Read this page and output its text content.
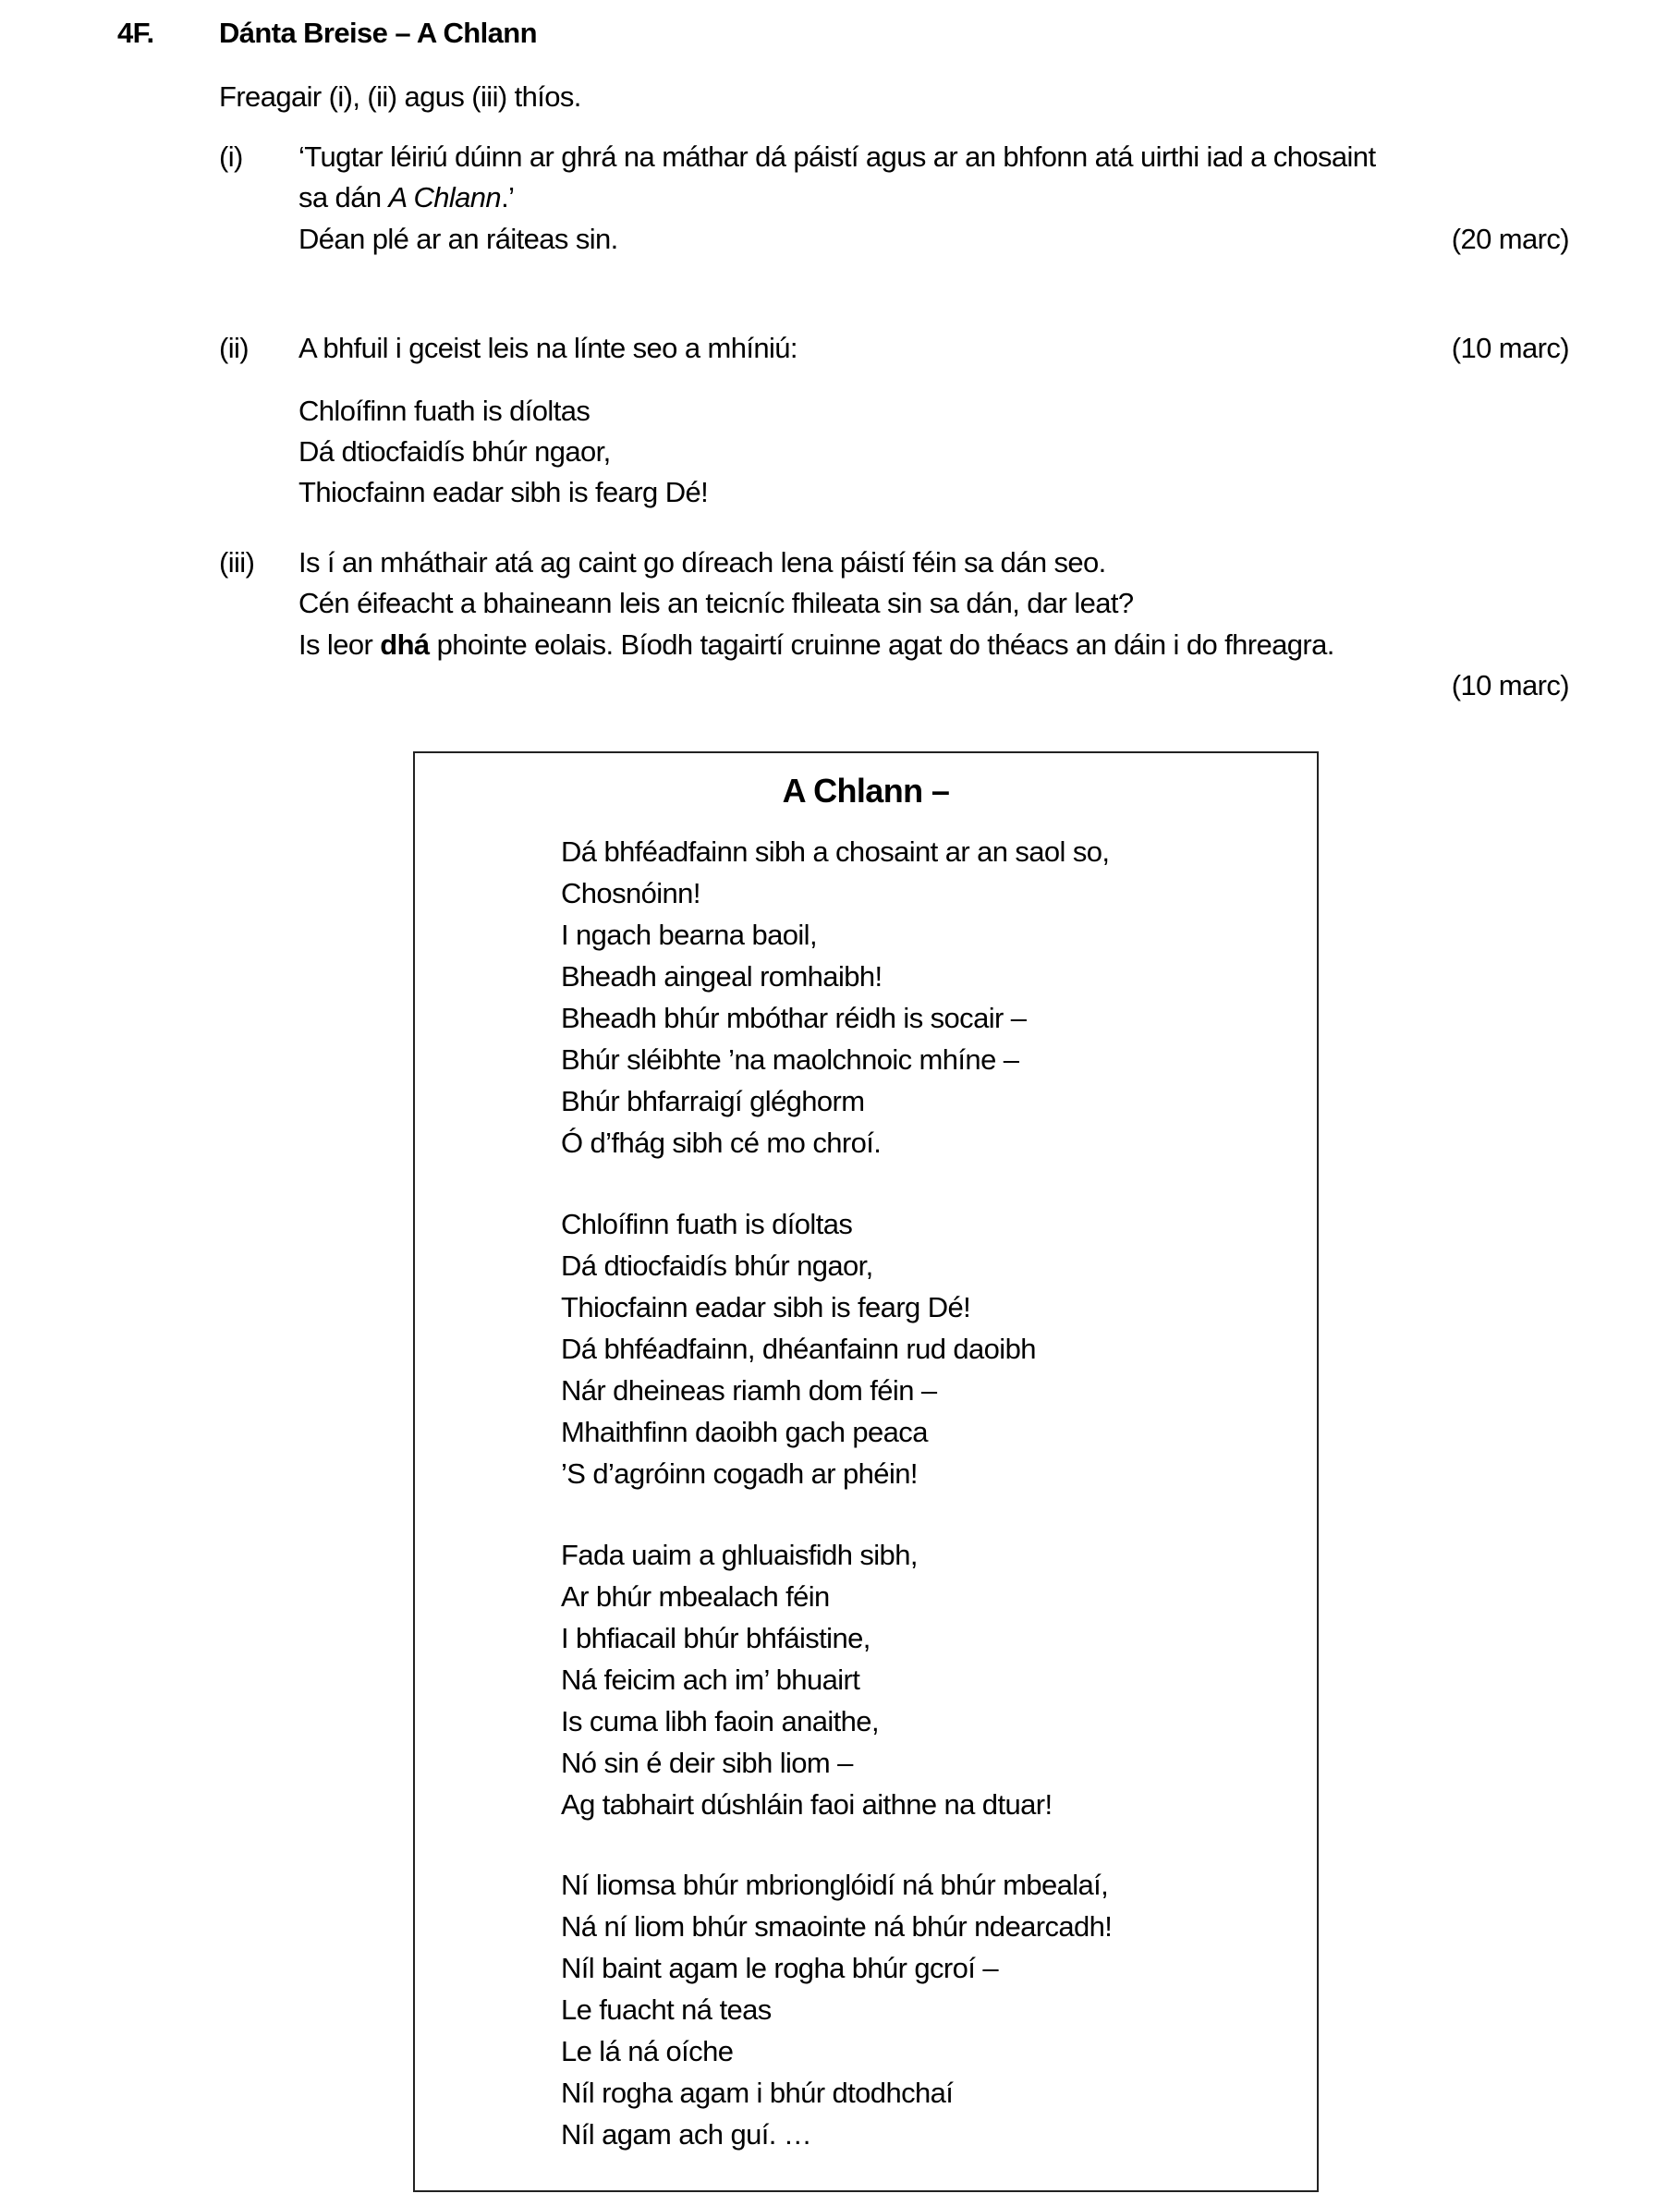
4F. Dánta Breise – A Chlann
Freagair (i), (ii) agus (iii) thíos.
(i) ‘Tugtar léiriú dúinn ar ghrá na máthar dá páistí agus ar an bhfonn atá uirthi iad a chosaint
sa dán A Chlann.’
Déan plé ar an ráiteas sin.	(20 marc)
(ii) A bhfuil i gceist leis na línte seo a mhíniú:	(10 marc)
Chloífinn fuath is díoltas
Dá dtiocfaidís bhúr ngaor,
Thiocfainn eadar sibh is fearg Dé!
(iii) Is í an mháthair atá ag caint go díreach lena páistí féin sa dán seo.
Cén éifeacht a bhaineann leis an teicníc fhileata sin sa dán, dar leat?
Is leor dhá phointe eolais. Bíodh tagairtí cruinne agat do théacs an dáin i do fhreagra.
(10 marc)
A Chlann –
Dá bhféadfainn sibh a chosaint ar an saol so,
Chosnóinn!
I ngach bearna baoil,
Bheadh aingeal romhaibh!
Bheadh bhúr mbóthar réidh is socair –
Bhúr sléibhte ’na maolchnoic mhíne –
Bhúr bhfarraigí gléghorm
Ó d’fhág sibh cé mo chroí.
Chloífinn fuath is díoltas
Dá dtiocfaidís bhúr ngaor,
Thiocfainn eadar sibh is fearg Dé!
Dá bhféadfainn, dhéanfainn rud daoibh
Nár dheineas riamh dom féin –
Mhaithfinn daoibh gach peaca
’S d’agróinn cogadh ar phéin!
Fada uaim a ghluaisfidh sibh,
Ar bhúr mbealach féin
I bhfiacail bhúr bhfáistine,
Ná feicim ach im’ bhuairt
Is cuma libh faoin anaithe,
Nó sin é deir sibh liom –
Ag tabhairt dúshláin faoi aithne na dtuar!
Ní liomsa bhúr mbrionglóidí ná bhúr mbealaí,
Ná ní liom bhúr smaointe ná bhúr ndearcadh!
Níl baint agam le rogha bhúr gcroí –
Le fuacht ná teas
Le lá ná oíche
Níl rogha agam i bhúr dtodhchaí
Níl agam ach guí. …
